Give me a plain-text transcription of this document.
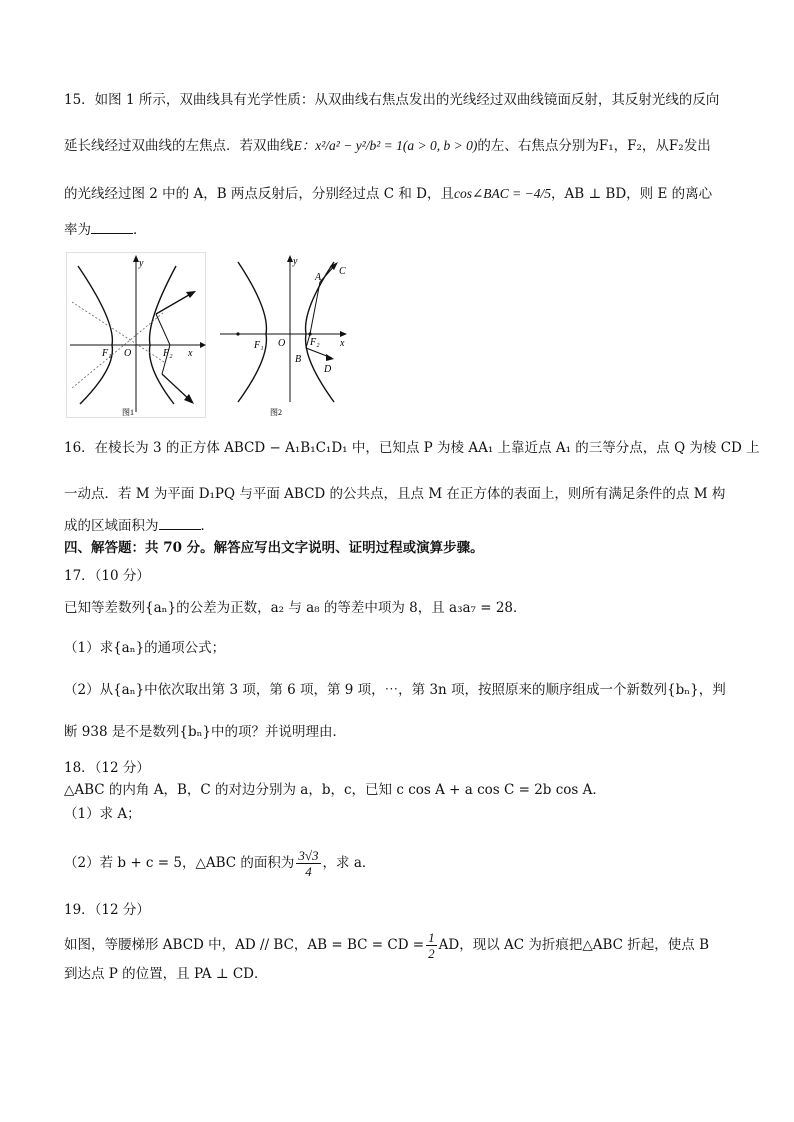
15．如图 1 所示，双曲线具有光学性质：从双曲线右焦点发出的光线经过双曲线镜面反射，其反射光线的反向
延长线经过双曲线的左焦点．若双曲线E：x²/a² − y²/b² = 1(a > 0, b > 0)的左、右焦点分别为F₁，F₂，从F₂发出
的光线经过图 2 中的 A，B 两点反射后，分别经过点 C 和 D，且cos∠BAC = −4/5，AB ⊥ BD，则 E 的离心
率为	．
y
x
O
F₁	F₂
图1
y
x
O
F₁	F₂
A
C
B
D
图2
16．在棱长为 3 的正方体 ABCD − A₁B₁C₁D₁ 中，已知点 P 为棱 AA₁ 上靠近点 A₁ 的三等分点，点 Q 为棱 CD 上
一动点．若 M 为平面 D₁PQ 与平面 ABCD 的公共点，且点 M 在正方体的表面上，则所有满足条件的点 M 构
成的区域面积为	．
四、解答题：共 70 分。解答应写出文字说明、证明过程或演算步骤。
17．（10 分）
已知等差数列{aₙ}的公差为正数，a₂ 与 a₈ 的等差中项为 8，且 a₃a₇ = 28．
（1）求{aₙ}的通项公式；
（2）从{aₙ}中依次取出第 3 项，第 6 项，第 9 项，⋯，第 3n 项，按照原来的顺序组成一个新数列{bₙ}，判
断 938 是不是数列{bₙ}中的项？并说明理由．
18．（12 分）
△ABC 的内角 A，B，C 的对边分别为 a，b，c，已知 c cos A + a cos C = 2b cos A．
（1）求 A；
（2）若 b + c = 5，△ABC 的面积为 $\frac{3√3}{4}$ ，求 a．
19．（12 分）
如图，等腰梯形 ABCD 中，AD // BC，AB = BC = CD = $\frac{1}{2}$ AD，现以 AC 为折痕把△ABC 折起，使点 B
到达点 P 的位置，且 PA ⊥ CD．
